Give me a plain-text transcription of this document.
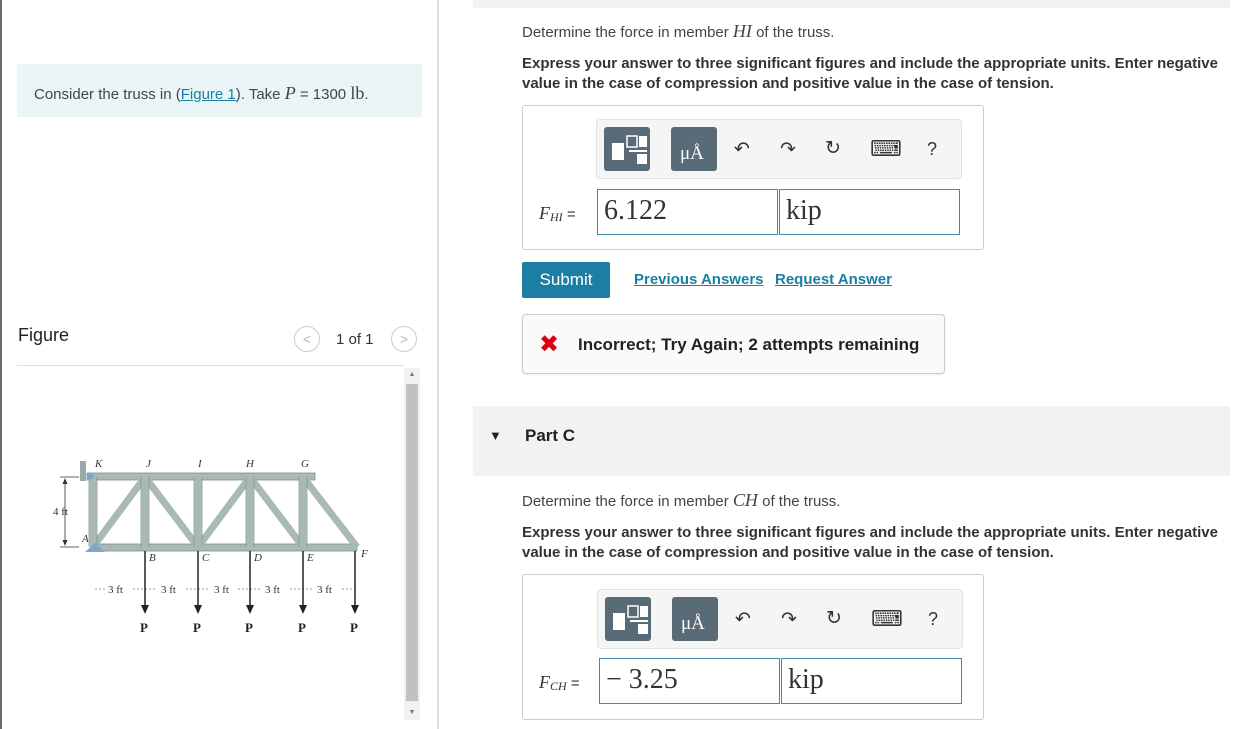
Consider the truss in (Figure 1). Take P = 1300 lb.
Figure	<	1 of 1	>
▲
▼
K	J	I	H	G
A
B	C	D	E	F
4 ft
3 ft	3 ft	3 ft	3 ft	3 ft
P	P	P	P	P
Determine the force in member HI of the truss.
Express your answer to three significant figures and include the appropriate units. Enter negative value in the case of compression and positive value in the case of tension.
μÅ ↶ ↷ ↻ ⌨ ?
$F_{HI} = 6.122$	kip
Submit	Previous Answers Request Answer
✖ Incorrect; Try Again; 2 attempts remaining
▼ Part C
Determine the force in member CH of the truss.
Express your answer to three significant figures and include the appropriate units. Enter negative value in the case of compression and positive value in the case of tension.
μÅ ↶ ↷ ↻ ⌨ ?
$F_{CH}$ = − 3.25	kip
